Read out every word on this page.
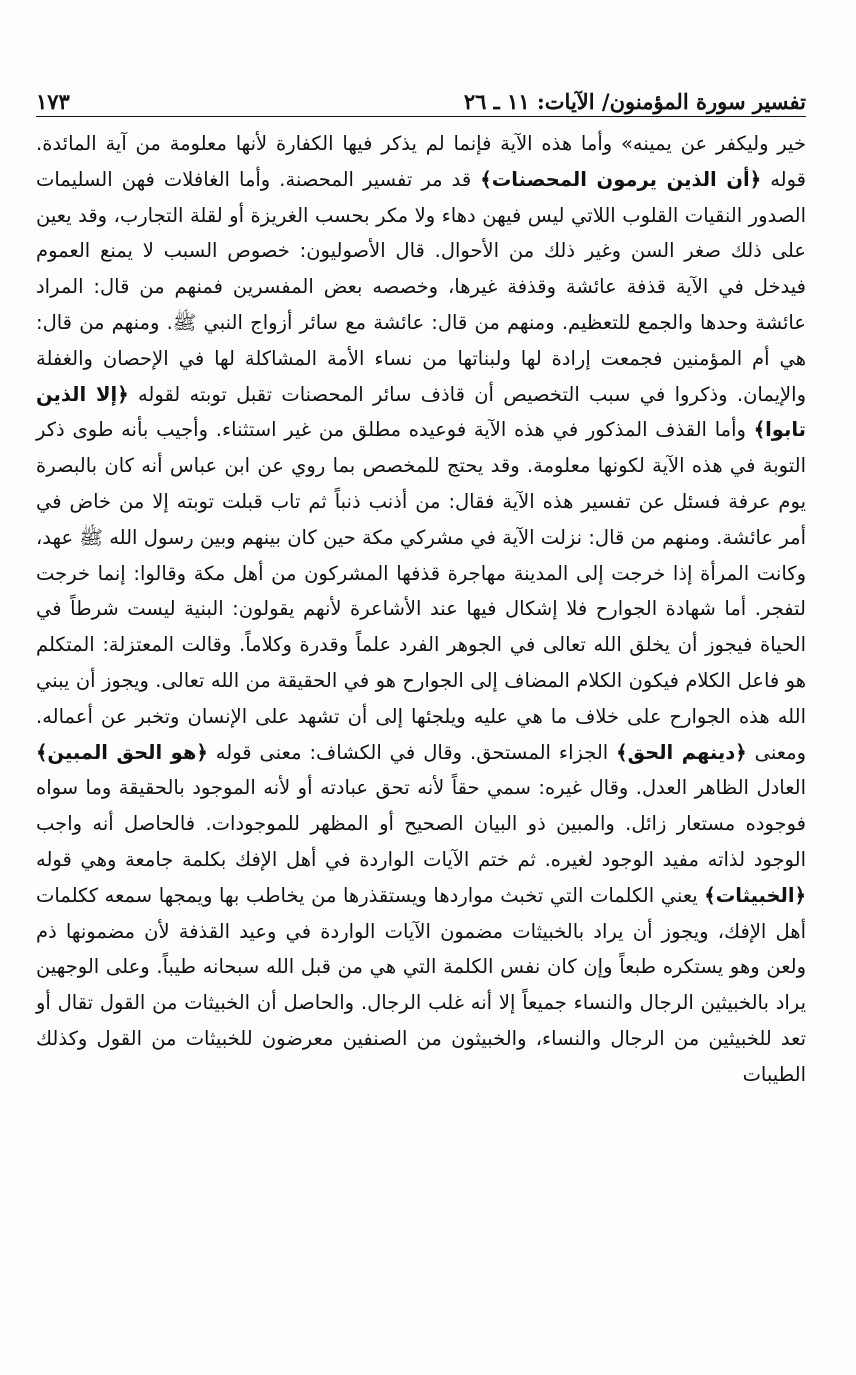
تفسير سورة المؤمنون/ الآيات: ١١ ـ ٢٦
١٧٣

خير وليكفر عن يمينه» وأما هذه الآية فإنما لم يذكر فيها الكفارة لأنها معلومة من آية المائدة. قوله ﴿أن الذين يرمون المحصنات﴾ قد مر تفسير المحصنة. وأما الغافلات فهن السليمات الصدور النقيات القلوب اللاتي ليس فيهن دهاء ولا مكر بحسب الغريزة أو لقلة التجارب، وقد يعين على ذلك صغر السن وغير ذلك من الأحوال. قال الأصوليون: خصوص السبب لا يمنع العموم فيدخل في الآية قذفة عائشة وقذفة غيرها، وخصصه بعض المفسرين فمنهم من قال: المراد عائشة وحدها والجمع للتعظيم. ومنهم من قال: عائشة مع سائر أزواج النبي ﷺ. ومنهم من قال: هي أم المؤمنين فجمعت إرادة لها ولبناتها من نساء الأمة المشاكلة لها في الإحصان والغفلة والإيمان. وذكروا في سبب التخصيص أن قاذف سائر المحصنات تقبل توبته لقوله ﴿إلا الذين تابوا﴾ وأما القذف المذكور في هذه الآية فوعيده مطلق من غير استثناء. وأجيب بأنه طوى ذكر التوبة في هذه الآية لكونها معلومة. وقد يحتج للمخصص بما روي عن ابن عباس أنه كان بالبصرة يوم عرفة فسئل عن تفسير هذه الآية فقال: من أذنب ذنباً ثم تاب قبلت توبته إلا من خاض في أمر عائشة. ومنهم من قال: نزلت الآية في مشركي مكة حين كان بينهم وبين رسول الله ﷺ عهد، وكانت المرأة إذا خرجت إلى المدينة مهاجرة قذفها المشركون من أهل مكة وقالوا: إنما خرجت لتفجر. أما شهادة الجوارح فلا إشكال فيها عند الأشاعرة لأنهم يقولون: البنية ليست شرطاً في الحياة فيجوز أن يخلق الله تعالى في الجوهر الفرد علماً وقدرة وكلاماً. وقالت المعتزلة: المتكلم هو فاعل الكلام فيكون الكلام المضاف إلى الجوارح هو في الحقيقة من الله تعالى. ويجوز أن يبني الله هذه الجوارح على خلاف ما هي عليه ويلجئها إلى أن تشهد على الإنسان وتخبر عن أعماله. ومعنى ﴿دينهم الحق﴾ الجزاء المستحق. وقال في الكشاف: معنى قوله ﴿هو الحق المبين﴾ العادل الظاهر العدل. وقال غيره: سمي حقاً لأنه تحق عبادته أو لأنه الموجود بالحقيقة وما سواه فوجوده مستعار زائل. والمبين ذو البيان الصحيح أو المظهر للموجودات. فالحاصل أنه واجب الوجود لذاته مفيد الوجود لغيره. ثم ختم الآيات الواردة في أهل الإفك بكلمة جامعة وهي قوله ﴿الخبيثات﴾ يعني الكلمات التي تخبث مواردها ويستقذرها من يخاطب بها ويمجها سمعه ككلمات أهل الإفك، ويجوز أن يراد بالخبيثات مضمون الآيات الواردة في وعيد القذفة لأن مضمونها ذم ولعن وهو يستكره طبعاً وإن كان نفس الكلمة التي هي من قبل الله سبحانه طيباً. وعلى الوجهين يراد بالخبيثين الرجال والنساء جميعاً إلا أنه غلب الرجال. والحاصل أن الخبيثات من القول تقال أو تعد للخبيثين من الرجال والنساء، والخبيثون من الصنفين معرضون للخبيثات من القول وكذلك الطيبات
